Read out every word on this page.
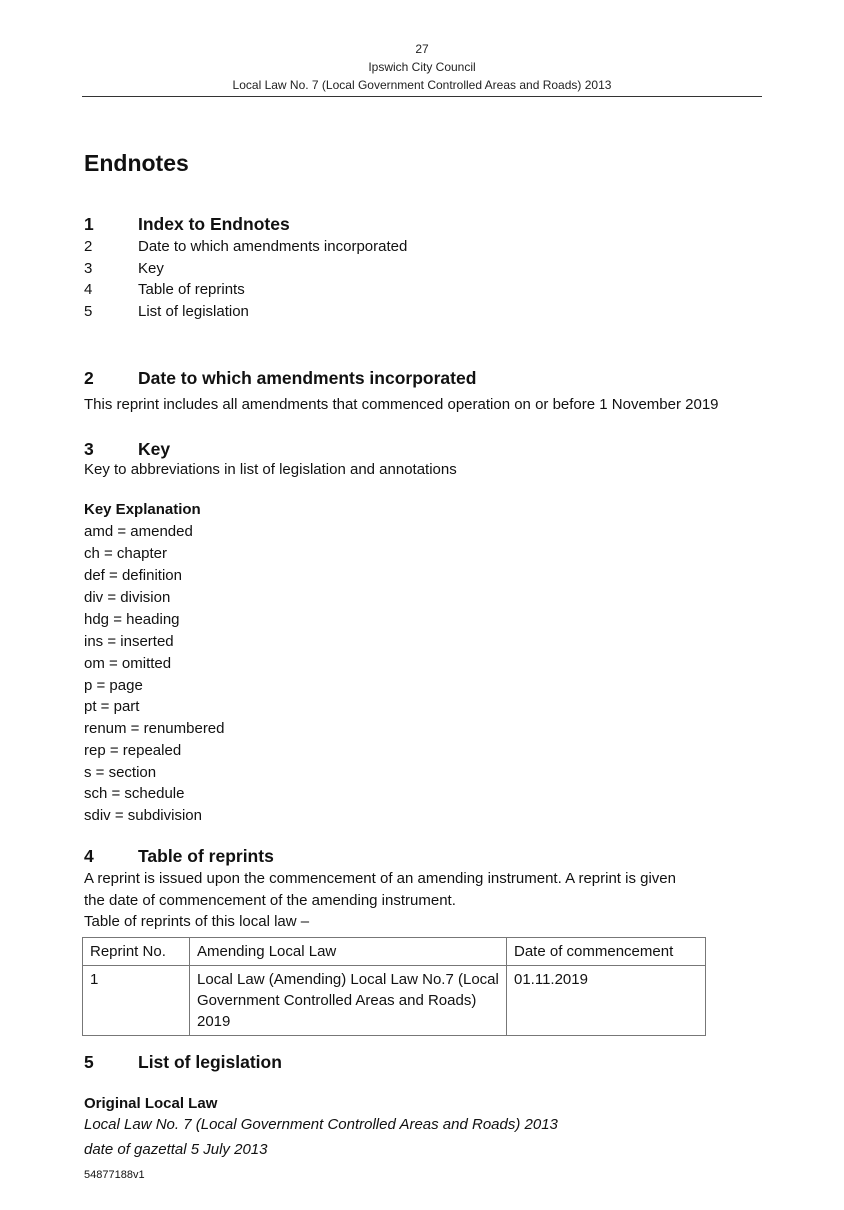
27
Ipswich City Council
Local Law No. 7 (Local Government Controlled Areas and Roads) 2013
Endnotes
1	Index to Endnotes
2	Date to which amendments incorporated
3	Key
4	Table of reprints
5	List of legislation
2	Date to which amendments incorporated
This reprint includes all amendments that commenced operation on or before 1 November 2019
3	Key
Key to abbreviations in list of legislation and annotations
Key Explanation
amd = amended
ch = chapter
def = definition
div = division
hdg = heading
ins = inserted
om = omitted
p = page
pt = part
renum = renumbered
rep = repealed
s = section
sch = schedule
sdiv = subdivision
4	Table of reprints
A reprint is issued upon the commencement of an amending instrument. A reprint is given
the date of commencement of the amending instrument.
Table of reprints of this local law –
Reprint No.	Amending Local Law	Date of commencement
1	Local Law (Amending) Local Law No.7 (Local Government Controlled Areas and Roads) 2019	01.11.2019
5	List of legislation
Original Local Law
Local Law No. 7 (Local Government Controlled Areas and Roads) 2013
date of gazettal 5 July 2013
54877188v1
